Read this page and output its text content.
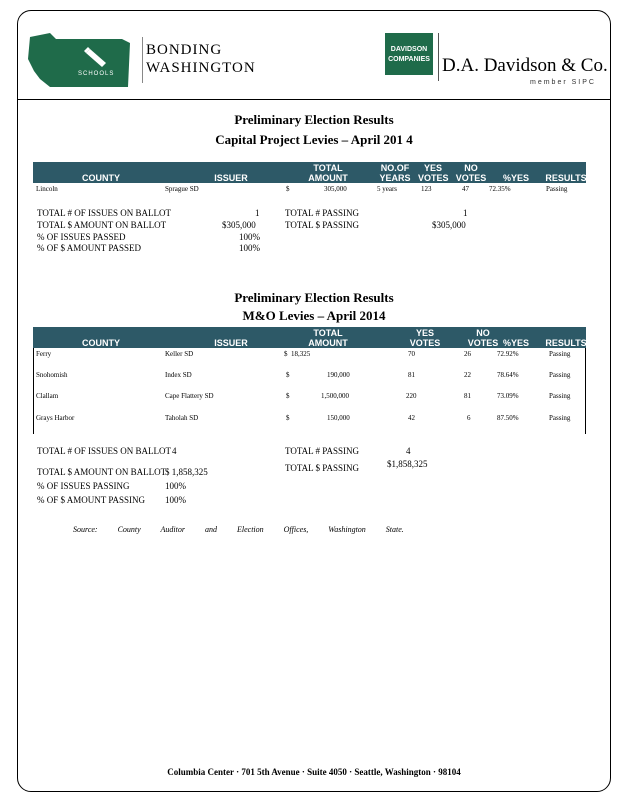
SCHOOLS
BONDING
WASHINGTON
DAVIDSON
COMPANIES D.A. Davidson & Co.
member SIPC
Preliminary Election Results
Capital Project Levies – April 201 4
COUNTY	ISSUER
TOTAL
AMOUNT
NO.OF
YEARS
YES
VOTES
NO
VOTES	%YES RESULTS
Lincoln	Sprague SD	$	305,000	5 years	123	47	72.35%	Passing
TOTAL # OF ISSUES ON BALLOT	1
TOTAL $ AMOUNT ON BALLOT	$305,000
% OF ISSUES PASSED	100%
% OF $ AMOUNT PASSED	100%
TOTAL # PASSING	1
TOTAL $ PASSING	$305,000
Preliminary Election Results
M&O Levies – April 2014
COUNTY	ISSUER
TOTAL
AMOUNT
YES
VOTES
NO
VOTES %YES RESULTS
Ferry	Keller SD	$ 18,325	70	26	72.92%	Passing
Snohomish	Index SD	$	190,000	81	22	78.64%	Passing
Clallam	Cape Flattery SD	$	1,500,000	220	81	73.09%	Passing
Grays Harbor	Taholah SD	$	150,000	42	6	87.50%	Passing
TOTAL # OF ISSUES ON BALLOT 4
TOTAL $ AMOUNT ON BALLOT
$ 1,858,325
% OF ISSUES PASSING	100%
% OF $ AMOUNT PASSING 100%
TOTAL # PASSING	4
TOTAL $ PASSING	$1,858,325
Source: County Auditor and Election Offices, Washington State.
Columbia Center · 701 5th Avenue · Suite 4050 · Seattle, Washington · 98104
